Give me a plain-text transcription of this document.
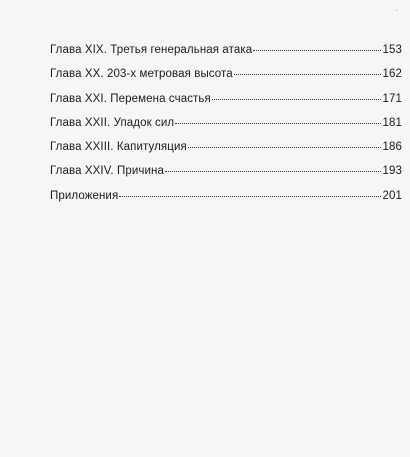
'
Глава XIX. Третья генеральная атака	153
Глава XX. 203-х метровая высота	162
Глава XXI. Перемена счастья	171
Глава XXII. Упадок сил	181
Глава XXIII. Капитуляция	186
Глава XXIV. Причина	193
Приложения	201
